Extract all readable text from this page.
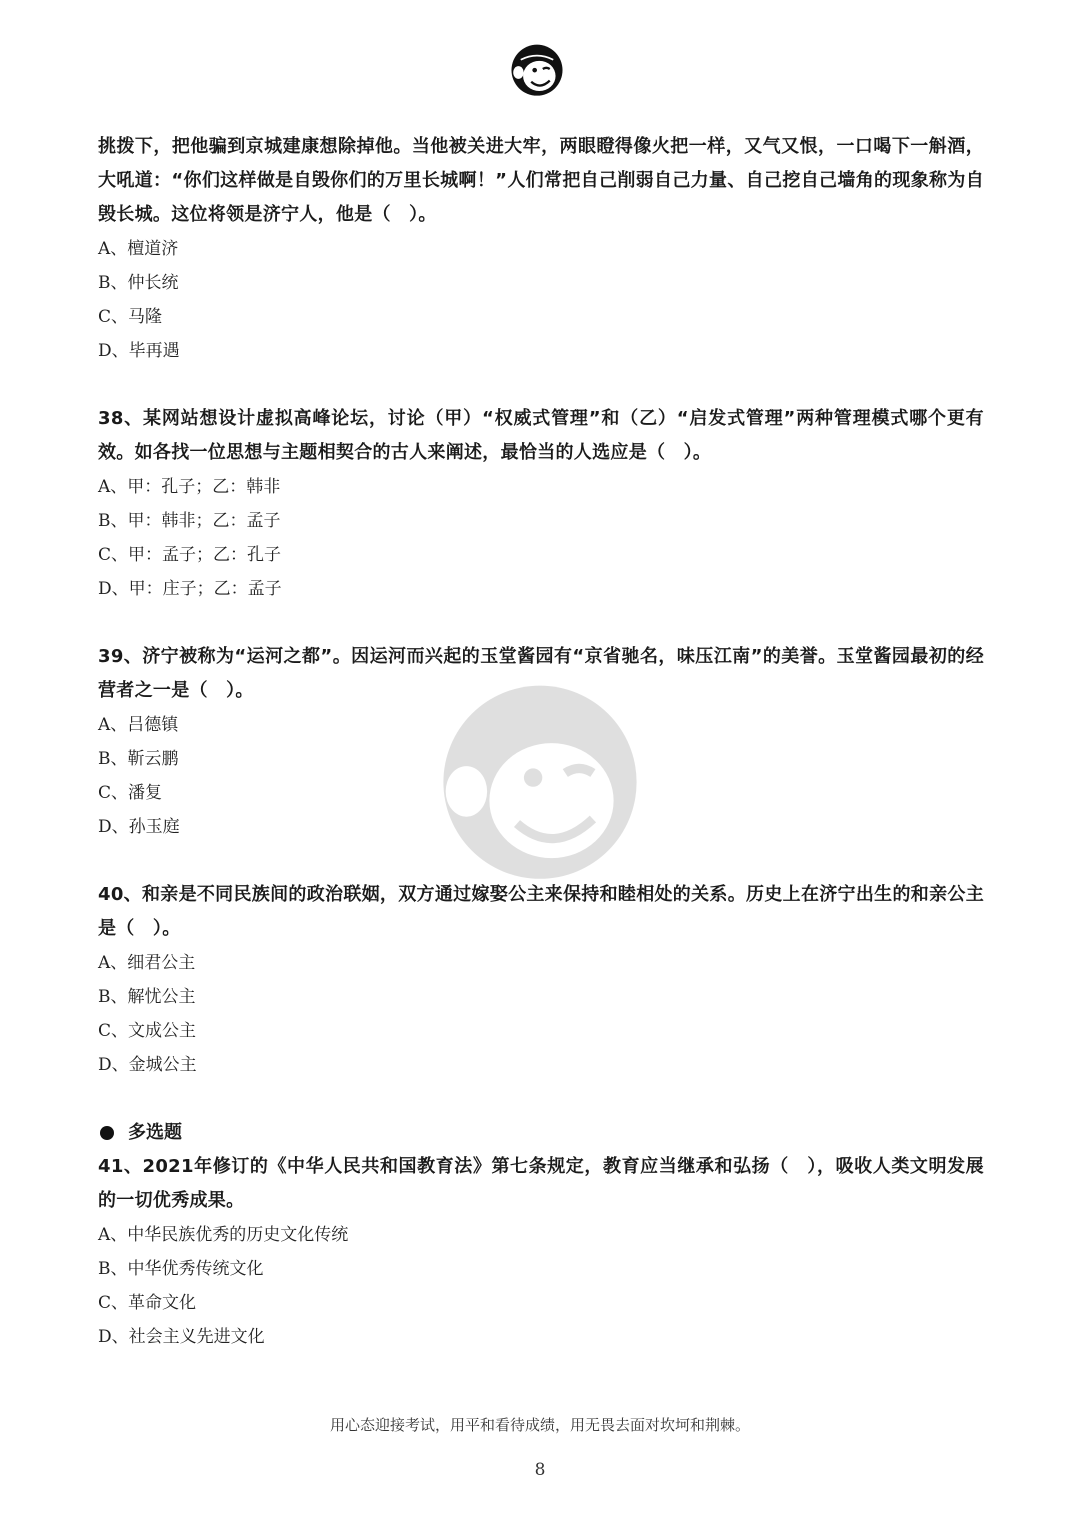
挑拨下，把他骗到京城建康想除掉他。当他被关进大牢，两眼瞪得像火把一样，又气又恨，一口喝下一斛酒，大吼道：“你们这样做是自毁你们的万里长城啊！”人们常把自己削弱自己力量、自己挖自己墙角的现象称为自毁长城。这位将领是济宁人，他是（　）。

A、檀道济

B、仲长统

C、马隆

D、毕再遇

38、某网站想设计虚拟高峰论坛，讨论（甲）“权威式管理”和（乙）“启发式管理”两种管理模式哪个更有效。如各找一位思想与主题相契合的古人来阐述，最恰当的人选应是（　）。

A、甲：孔子；乙：韩非

B、甲：韩非；乙：孟子

C、甲：孟子；乙：孔子

D、甲：庄子；乙：孟子

39、济宁被称为“运河之都”。因运河而兴起的玉堂酱园有“京省驰名，味压江南”的美誉。玉堂酱园最初的经营者之一是（　）。

A、吕德镇

B、靳云鹏

C、潘复

D、孙玉庭

40、和亲是不同民族间的政治联姻，双方通过嫁娶公主来保持和睦相处的关系。历史上在济宁出生的和亲公主是（　）。

A、细君公主

B、解忧公主

C、文成公主

D、金城公主

多选题

41、2021年修订的《中华人民共和国教育法》第七条规定，教育应当继承和弘扬（　），吸收人类文明发展的一切优秀成果。

A、中华民族优秀的历史文化传统

B、中华优秀传统文化

C、革命文化

D、社会主义先进文化

用心态迎接考试，用平和看待成绩，用无畏去面对坎坷和荆棘。
8
